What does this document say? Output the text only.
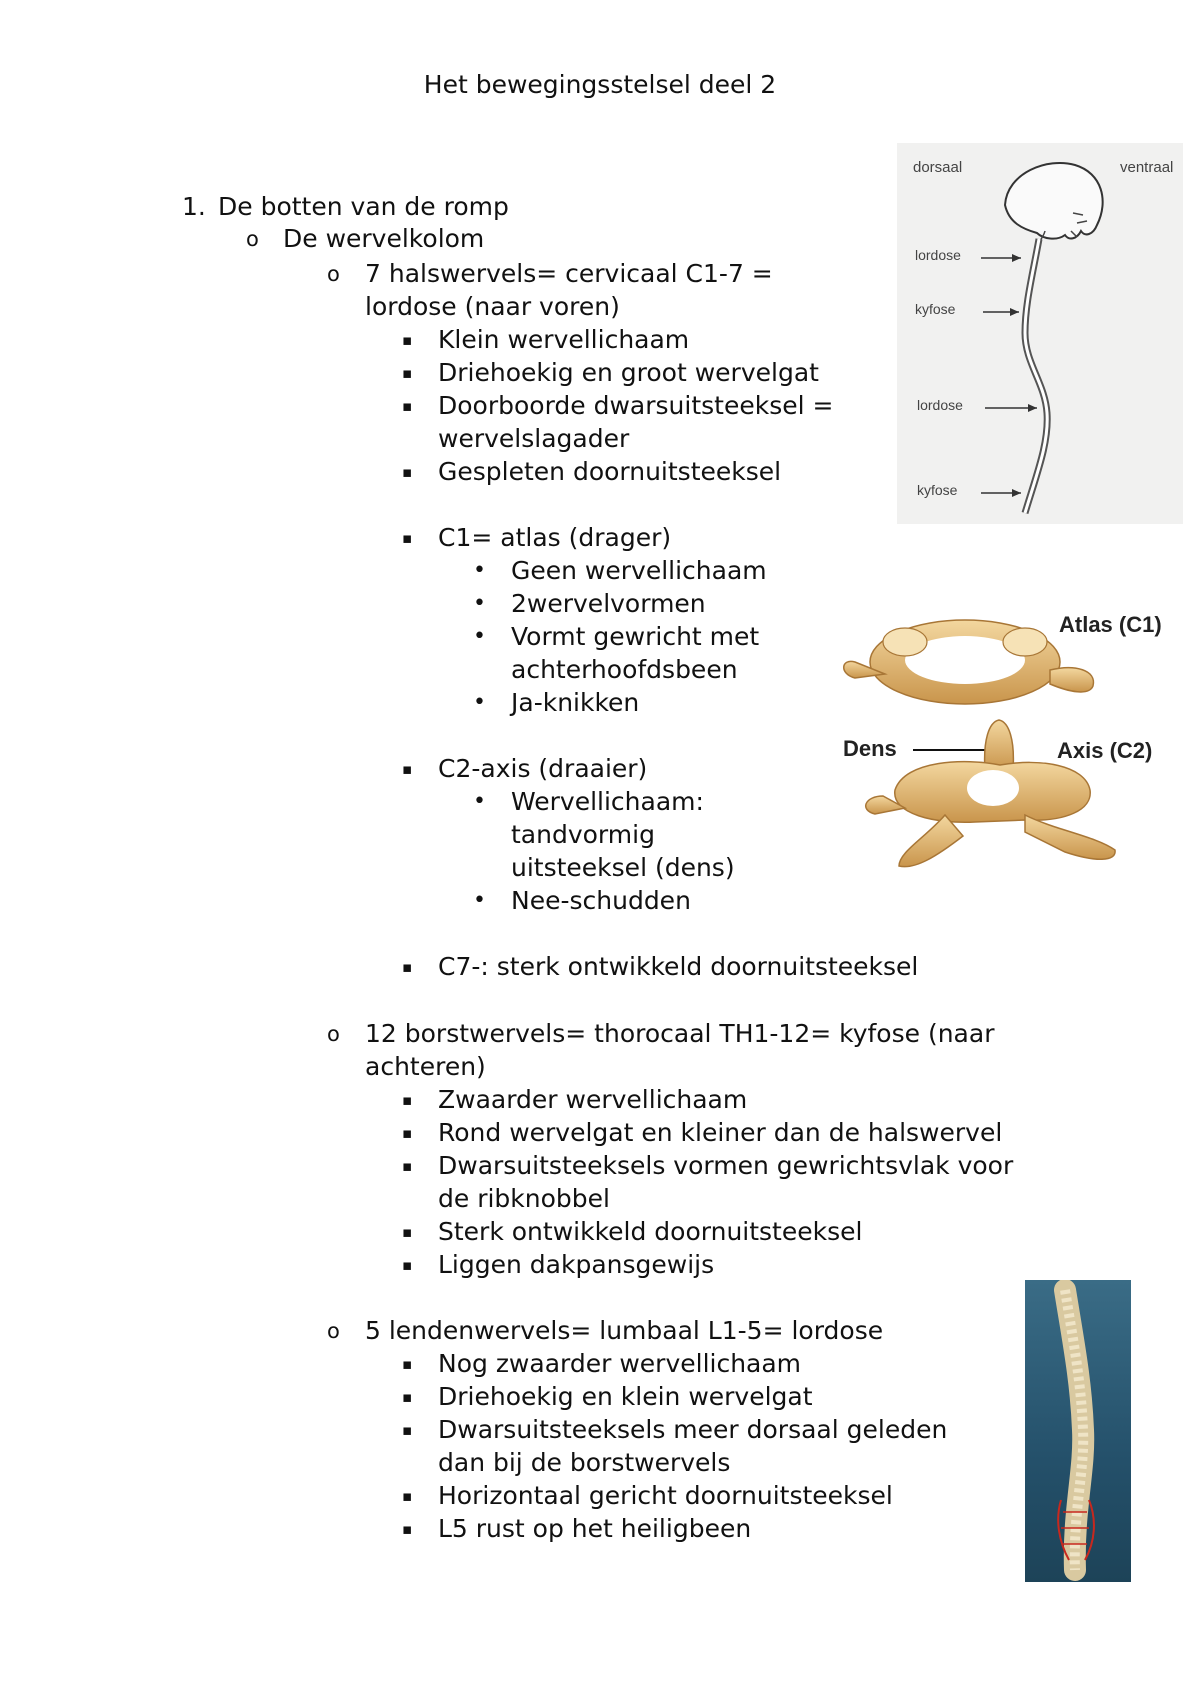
Het bewegingsstelsel deel 2
1. De botten van de romp
o De wervelkolom
o 7 halswervels= cervicaal C1-7 =
lordose (naar voren)
▪ Klein wervellichaam
▪ Driehoekig en groot wervelgat
▪ Doorboorde dwarsuitsteeksel =
wervelslagader
▪ Gespleten doornuitsteeksel
▪ C1= atlas (drager)
• Geen wervellichaam
• 2wervelvormen
• Vormt gewricht met
achterhoofdsbeen
• Ja-knikken
▪ C2-axis (draaier)
• Wervellichaam:
tandvormig
uitsteeksel (dens)
• Nee-schudden
▪ C7-: sterk ontwikkeld doornuitsteeksel
o 12 borstwervels= thorocaal TH1-12= kyfose (naar
achteren)
▪ Zwaarder wervellichaam
▪ Rond wervelgat en kleiner dan de halswervel
▪ Dwarsuitsteeksels vormen gewrichtsvlak voor
de ribknobbel
▪ Sterk ontwikkeld doornuitsteeksel
▪ Liggen dakpansgewijs
o 5 lendenwervels= lumbaal L1-5= lordose
▪ Nog zwaarder wervellichaam
▪ Driehoekig en klein wervelgat
▪ Dwarsuitsteeksels meer dorsaal geleden
dan bij de borstwervels
▪ Horizontaal gericht doornuitsteeksel
▪ L5 rust op het heiligbeen
dorsaal	ventraal
lordose
kyfose
lordose
kyfose
Atlas (C1)
Dens	Axis (C2)
